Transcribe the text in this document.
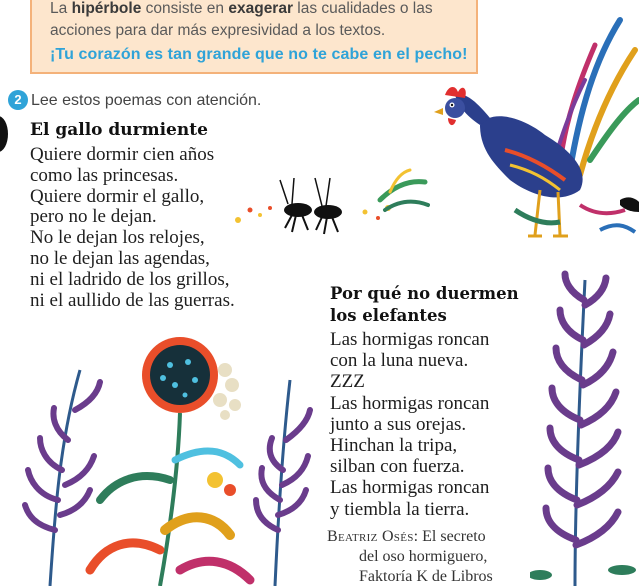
La hipérbole consiste en exagerar las cualidades o las acciones para dar más expresividad a los textos.
¡Tu corazón es tan grande que no te cabe en el pecho!
2 Lee estos poemas con atención.
El gallo durmiente
Quiere dormir cien años
como las princesas.
Quiere dormir el gallo,
pero no le dejan.
No le dejan los relojes,
no le dejan las agendas,
ni el ladrido de los grillos,
ni el aullido de las guerras.	Por qué no duermen los elefantes
Las hormigas roncan
con la luna nueva.
ZZZ
Las hormigas roncan
junto a sus orejas.
Hinchan la tripa,
silban con fuerza.
Las hormigas roncan
y tiembla la tierra.
Beatriz Osés: El secreto
del oso hormiguero,
Faktoría K de Libros
